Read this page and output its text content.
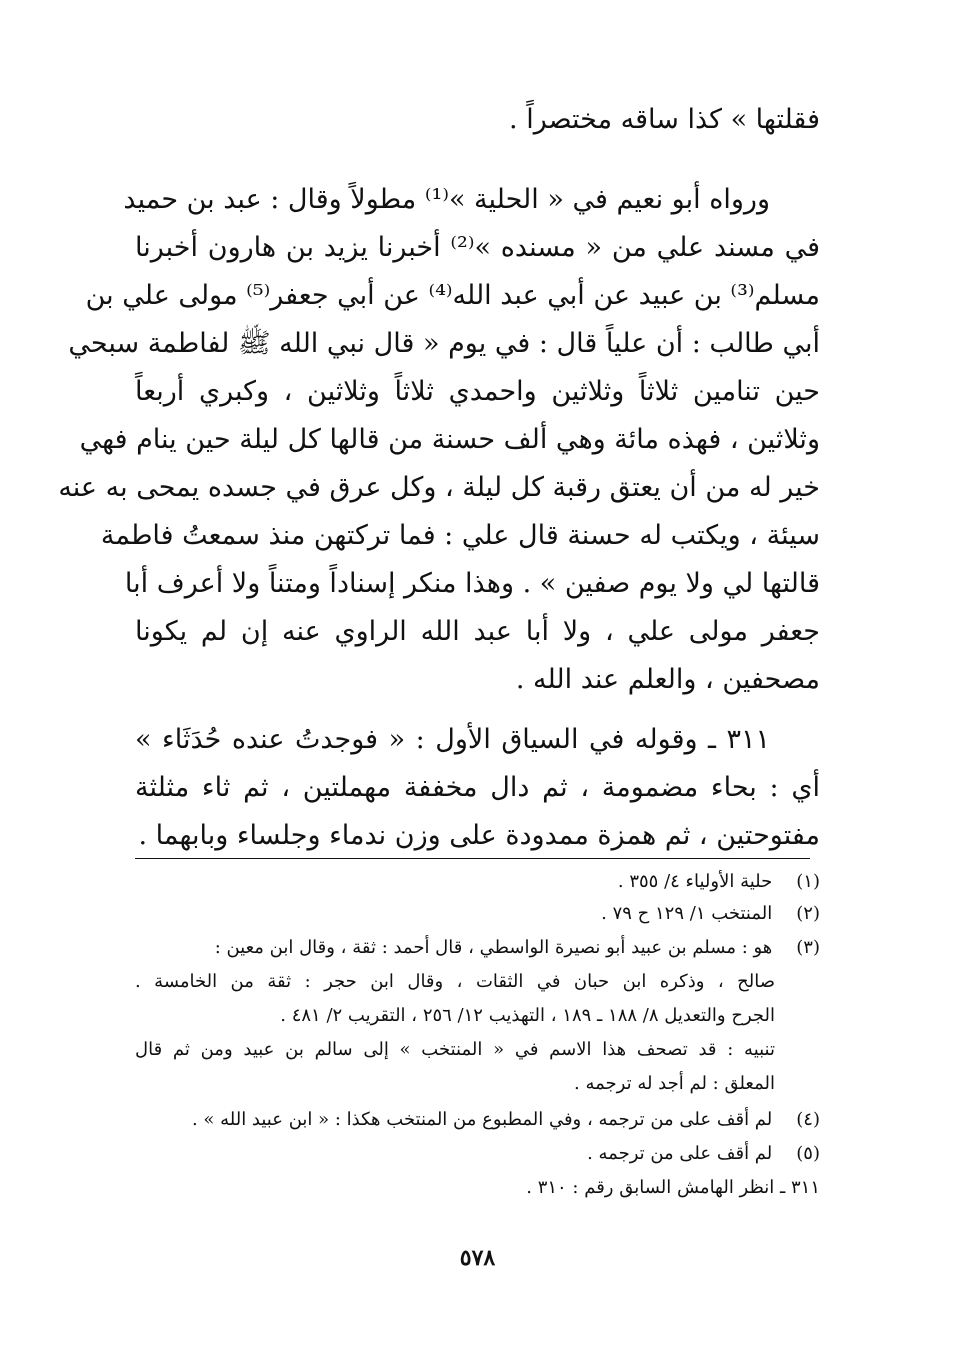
فقلتها » كذا ساقه مختصراً .
ورواه أبو نعيم في « الحلية »⁽¹⁾ مطولاً وقال : عبد بن حميد
في مسند علي من « مسنده »⁽²⁾ أخبرنا يزيد بن هارون أخبرنا
مسلم⁽³⁾ بن عبيد عن أبي عبد الله⁽⁴⁾ عن أبي جعفر⁽⁵⁾ مولى علي بن
أبي طالب : أن علياً قال : في يوم « قال نبي الله ﷺ لفاطمة سبحي
حين تنامين ثلاثاً وثلاثين واحمدي ثلاثاً وثلاثين ، وكبري أربعاً
وثلاثين ، فهذه مائة وهي ألف حسنة من قالها كل ليلة حين ينام فهي
خير له من أن يعتق رقبة كل ليلة ، وكل عرق في جسده يمحى به عنه
سيئة ، ويكتب له حسنة قال علي : فما تركتهن منذ سمعتُ فاطمة
قالتها لي ولا يوم صفين » . وهذا منكر إسناداً ومتناً ولا أعرف أبا
جعفر مولى علي ، ولا أبا عبد الله الراوي عنه إن لم يكونا
مصحفين ، والعلم عند الله .
٣١١ ـ وقوله في السياق الأول : « فوجدتُ عنده حُدَثَاء »
أي : بحاء مضمومة ، ثم دال مخففة مهملتين ، ثم ثاء مثلثة
مفتوحتين ، ثم همزة ممدودة على وزن ندماء وجلساء وبابهما .
(١) حلية الأولياء ٤/ ٣٥٥ .
(٢) المنتخب ١/ ١٢٩ ح ٧٩ .
(٣) هو : مسلم بن عبيد أبو نصيرة الواسطي ، قال أحمد : ثقة ، وقال ابن معين :
صالح ، وذكره ابن حبان في الثقات ، وقال ابن حجر : ثقة من الخامسة .
الجرح والتعديل ٨/ ١٨٨ ـ ١٨٩ ، التهذيب ١٢/ ٢٥٦ ، التقريب ٢/ ٤٨١ .
تنبيه : قد تصحف هذا الاسم في « المنتخب » إلى سالم بن عبيد ومن ثم قال
المعلق : لم أجد له ترجمه .
(٤) لم أقف على من ترجمه ، وفي المطبوع من المنتخب هكذا : « ابن عبيد الله » .
(٥) لم أقف على من ترجمه .
٣١١ ـ انظر الهامش السابق رقم : ٣١٠ .
٥٧٨
